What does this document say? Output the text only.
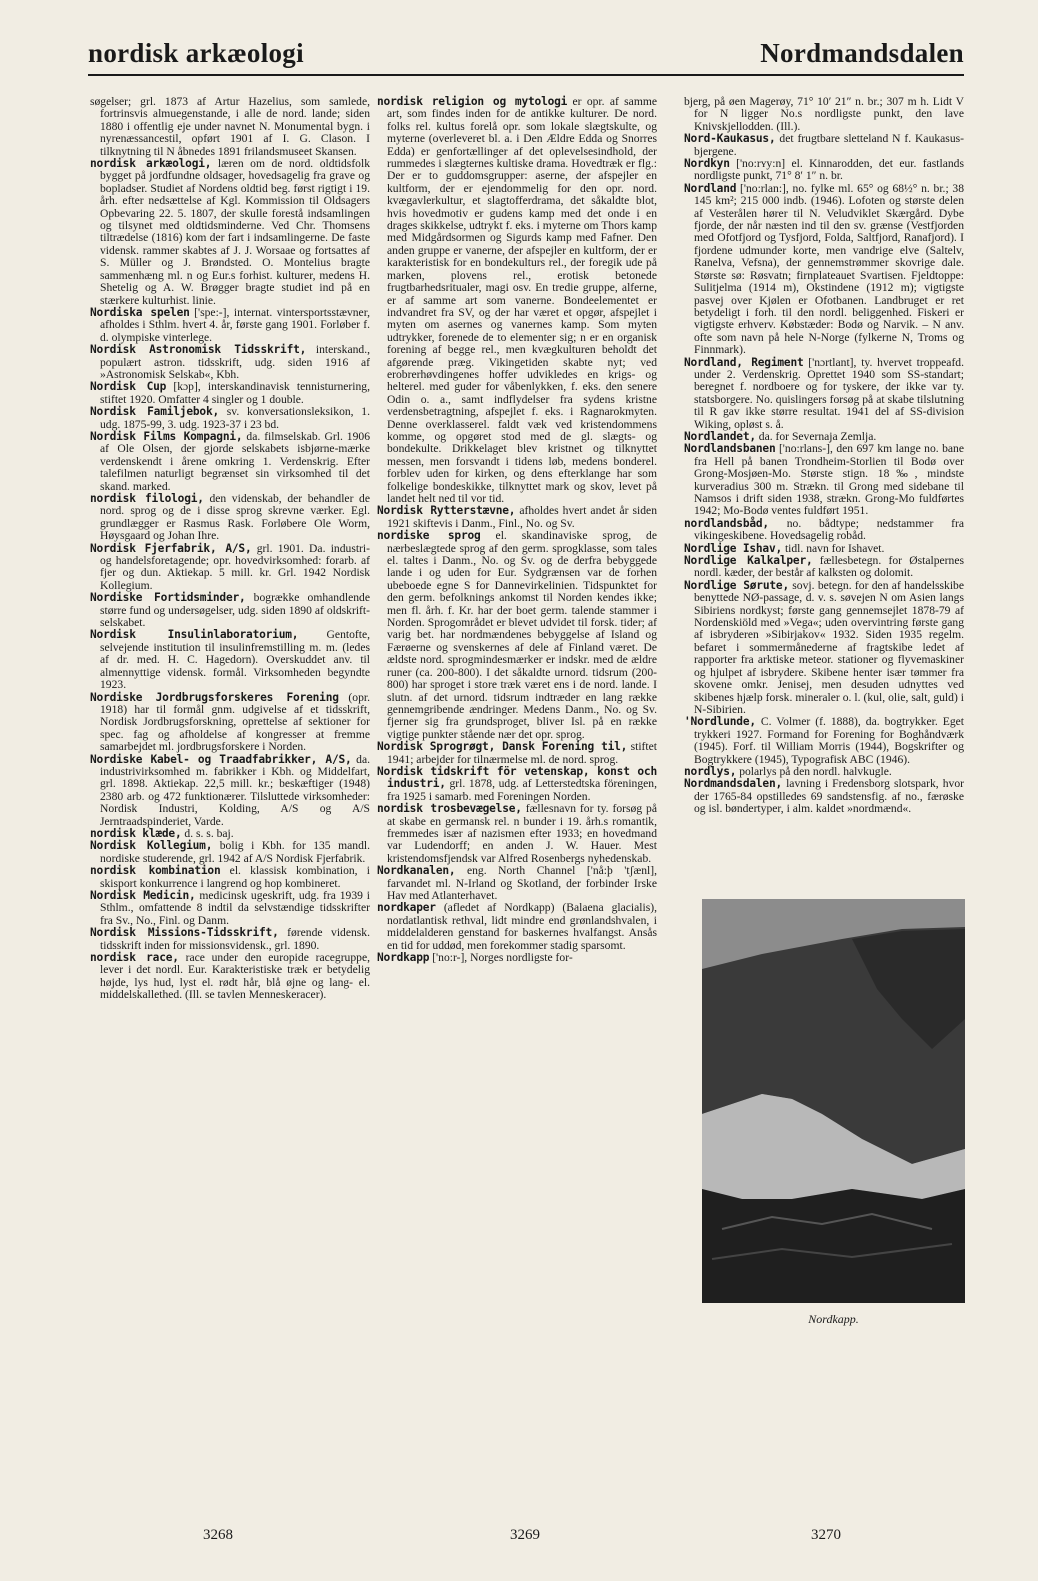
nordisk arkæologi	Nordmandsdalen

søgelser; grl. 1873 af Artur Hazelius, som samlede, fortrinsvis almuegenstande, i alle de nord. lande; siden 1880 i offentlig eje under navnet N. Monumental bygn. i nyrenæssancestil, opført 1901 af I. G. Clason. I tilknytning til N åbnedes 1891 frilandsmuseet Skansen.

nordisk arkæologi, læren om de nord. oldtidsfolk bygget på jordfundne oldsager, hovedsagelig fra grave og bopladser. Studiet af Nordens oldtid beg. først rigtigt i 19. årh. efter nedsættelse af Kgl. Kommission til Oldsagers Opbevaring 22. 5. 1807, der skulle forestå indsamlingen og tilsynet med oldtidsminderne. Ved Chr. Thomsens tiltrædelse (1816) kom der fart i indsamlingerne. De faste vidensk. rammer skabtes af J. J. Worsaae og fortsattes af S. Müller og J. Brøndsted. O. Montelius bragte sammenhæng ml. n og Eur.s forhist. kulturer, medens H. Shetelig og A. W. Brøgger bragte studiet ind på en stærkere kulturhist. linie.

Nordiska spelen ['spe:-], internat. vintersportsstævner, afholdes i Sthlm. hvert 4. år, første gang 1901. Forløber f. d. olympiske vinterlege.

Nordisk Astronomisk Tidsskrift, interskand., populært astron. tidsskrift, udg. siden 1916 af »Astronomisk Selskab«, Kbh.

Nordisk Cup [kɔp], interskandinavisk tennisturnering, stiftet 1920. Omfatter 4 singler og 1 double.

Nordisk Familjebok, sv. konversationsleksikon, 1. udg. 1875-99, 3. udg. 1923-37 i 23 bd.

Nordisk Films Kompagni, da. filmselskab. Grl. 1906 af Ole Olsen, der gjorde selskabets isbjørne-mærke verdenskendt i årene omkring 1. Verdenskrig. Efter talefilmen naturligt begrænset sin virksomhed til det skand. marked.

nordisk filologi, den videnskab, der behandler de nord. sprog og de i disse sprog skrevne værker. Egl. grundlægger er Rasmus Rask. Forløbere Ole Worm, Høysgaard og Johan Ihre.

Nordisk Fjerfabrik, A/S, grl. 1901. Da. industri- og handelsforetagende; opr. hovedvirksomhed: forarb. af fjer og dun. Aktiekap. 5 mill. kr. Grl. 1942 Nordisk Kollegium.

Nordiske Fortidsminder, bogrække omhandlende større fund og undersøgelser, udg. siden 1890 af oldskrift-selskabet.

Nordisk Insulinlaboratorium, Gentofte, selvejende institution til insulinfremstilling m. m. (ledes af dr. med. H. C. Hagedorn). Overskuddet anv. til almennyttige vidensk. formål. Virksomheden begyndte 1923.

Nordiske Jordbrugsforskeres Forening (opr. 1918) har til formål gnm. udgivelse af et tidsskrift, Nordisk Jordbrugsforskning, oprettelse af sektioner for spec. fag og afholdelse af kongresser at fremme samarbejdet ml. jordbrugsforskere i Norden.

Nordiske Kabel- og Traadfabrikker, A/S, da. industrivirksomhed m. fabrikker i Kbh. og Middelfart, grl. 1898. Aktiekap. 22,5 mill. kr.; beskæftiger (1948) 2380 arb. og 472 funktionærer. Tilsluttede virksomheder: Nordisk Industri, Kolding, A/S og A/S Jerntraadspinderiet, Varde.

nordisk klæde, d. s. s. baj.

Nordisk Kollegium, bolig i Kbh. for 135 mandl. nordiske studerende, grl. 1942 af A/S Nordisk Fjerfabrik.

nordisk kombination el. klassisk kombination, i skisport konkurrence i langrend og hop kombineret.

Nordisk Medicin, medicinsk ugeskrift, udg. fra 1939 i Sthlm., omfattende 8 indtil da selvstændige tidsskrifter fra Sv., No., Finl. og Danm.

Nordisk Missions-Tidsskrift, førende vidensk. tidsskrift inden for missionsvidensk., grl. 1890.

nordisk race, race under den europide racegruppe, lever i det nordl. Eur. Karakteristiske træk er betydelig højde, lys hud, lyst el. rødt hår, blå øjne og lang- el. middelskallethed. (Ill. se tavlen Menneskeracer).

nordisk religion og mytologi er opr. af samme art, som findes inden for de antikke kulturer. De nord. folks rel. kultus forelå opr. som lokale slægtskulte, og myterne (overleveret bl. a. i Den Ældre Edda og Snorres Edda) er genfortællinger af det oplevelsesindhold, der rummedes i slægternes kultiske drama. Hovedtræk er flg.: Der er to guddomsgrupper: aserne, der afspejler en kultform, der er ejendommelig for den opr. nord. kvægavlerkultur, et slagtofferdrama, det såkaldte blot, hvis hovedmotiv er gudens kamp med det onde i en drages skikkelse, udtrykt f. eks. i myterne om Thors kamp med Midgårdsormen og Sigurds kamp med Fafner. Den anden gruppe er vanerne, der afspejler en kultform, der er karakteristisk for en bondekulturs rel., der foregik ude på marken, plovens rel., erotisk betonede frugtbarhedsritualer, magi osv. En tredie gruppe, alferne, er af samme art som vanerne. Bondeelementet er indvandret fra SV, og der har været et opgør, afspejlet i myten om asernes og vanernes kamp. Som myten udtrykker, forenede de to elementer sig; n er en organisk forening af begge rel., men kvægkulturen beholdt det afgørende præg. Vikingetiden skabte nyt; ved erobrerhøvdingenes hoffer udvikledes en krigs- og helterel. med guder for våbenlykken, f. eks. den senere Odin o. a., samt indflydelser fra sydens kristne verdensbetragtning, afspejlet f. eks. i Ragnarokmyten. Denne overklasserel. faldt væk ved kristendommens komme, og opgøret stod med de gl. slægts- og bondekulte. Drikkelaget blev kristnet og tilknyttet messen, men forsvandt i tidens løb, medens bonderel. forblev uden for kirken, og dens efterklange har som folkelige bondeskikke, tilknyttet mark og skov, levet på landet helt ned til vor tid.

Nordisk Rytterstævne, afholdes hvert andet år siden 1921 skiftevis i Danm., Finl., No. og Sv.

nordiske sprog el. skandinaviske sprog, de nærbeslægtede sprog af den germ. sprogklasse, som tales el. taltes i Danm., No. og Sv. og de derfra bebyggede lande i og uden for Eur. Sydgrænsen var de forhen ubeboede egne S for Dannevirkelinien. Tidspunktet for den germ. befolknings ankomst til Norden kendes ikke; men fl. årh. f. Kr. har der boet germ. talende stammer i Norden. Sprogområdet er blevet udvidet til forsk. tider; af varig bet. har nordmændenes bebyggelse af Island og Færøerne og svenskernes af dele af Finland været. De ældste nord. sprogmindesmærker er indskr. med de ældre runer (ca. 200-800). I det såkaldte urnord. tidsrum (200-800) har sproget i store træk været ens i de nord. lande. I slutn. af det urnord. tidsrum indtræder en lang række gennemgribende ændringer. Medens Danm., No. og Sv. fjerner sig fra grundsproget, bliver Isl. på en række vigtige punkter stående nær det opr. sprog.

Nordisk Sprogrøgt, Dansk Forening til, stiftet 1941; arbejder for tilnærmelse ml. de nord. sprog.

Nordisk tidskrift för vetenskap, konst och industri, grl. 1878, udg. af Letterstedtska föreningen, fra 1925 i samarb. med Foreningen Norden.

nordisk trosbevægelse, fællesnavn for ty. forsøg på at skabe en germansk rel. n bunder i 19. årh.s romantik, fremmedes især af nazismen efter 1933; en hovedmand var Ludendorff; en anden J. W. Hauer. Mest kristendomsfjendsk var Alfred Rosenbergs nyhedenskab.

Nordkanalen, eng. North Channel ['nå:þ 'tʃænl], farvandet ml. N-Irland og Skotland, der forbinder Irske Hav med Atlanterhavet.

nordkaper (afledet af Nordkapp) (Balaena glacialis), nordatlantisk rethval, lidt mindre end grønlandshvalen, i middelalderen genstand for baskernes hvalfangst. Ansås en tid for uddød, men forekommer stadig sparsomt.

Nordkapp ['no:r-], Norges nordligste for-

bjerg, på øen Magerøy, 71° 10′ 21″ n. br.; 307 m h. Lidt V for N ligger No.s nordligste punkt, den lave Knivskjellodden. (Ill.).

Nord-Kaukasus, det frugtbare sletteland N f. Kaukasus-bjergene.

Nordkyn ['no:rʏy:n] el. Kinnarodden, det eur. fastlands nordligste punkt, 71° 8′ 1″ n. br.

Nordland ['no:rlan:], no. fylke ml. 65° og 68½° n. br.; 38 145 km²; 215 000 indb. (1946). Lofoten og største delen af Vesterålen hører til N. Veludviklet Skærgård. Dybe fjorde, der når næsten ind til den sv. grænse (Vestfjorden med Ofotfjord og Tysfjord, Folda, Saltfjord, Ranafjord). I fjordene udmunder korte, men vandrige elve (Saltelv, Ranelva, Vefsna), der gennemstrømmer skovrige dale. Største sø: Røsvatn; firnplateauet Svartisen. Fjeldtoppe: Sulitjelma (1914 m), Okstindene (1912 m); vigtigste pasvej over Kjølen er Ofotbanen. Landbruget er ret betydeligt i forh. til den nordl. beliggenhed. Fiskeri er vigtigste erhverv. Købstæder: Bodø og Narvik. – N anv. ofte som navn på hele N-Norge (fylkerne N, Troms og Finnmark).

Nordland, Regiment ['nɔrtlant], ty. hvervet troppeafd. under 2. Verdenskrig. Oprettet 1940 som SS-standart; beregnet f. nordboere og for tyskere, der ikke var ty. statsborgere. No. quislingers forsøg på at skabe tilslutning til R gav ikke større resultat. 1941 del af SS-division Wiking, opløst s. å.

Nordlandet, da. for Severnaja Zemlja.

Nordlandsbanen ['no:rlans-], den 697 km lange no. bane fra Hell på banen Trondheim-Storlien til Bodø over Grong-Mosjøen-Mo. Største stign. 18‰, mindste kurveradius 300 m. Strækn. til Grong med sidebane til Namsos i drift siden 1938, strækn. Grong-Mo fuldførtes 1942; Mo-Bodø ventes fuldført 1951.

nordlandsbåd, no. bådtype; nedstammer fra vikingeskibene. Hovedsagelig robåd.

Nordlige Ishav, tidl. navn for Ishavet.

Nordlige Kalkalper, fællesbetegn. for Østalpernes nordl. kæder, der består af kalksten og dolomit.

Nordlige Sørute, sovj. betegn. for den af handelsskibe benyttede NØ-passage, d. v. s. søvejen N om Asien langs Sibiriens nordkyst; første gang gennemsejlet 1878-79 af Nordenskiöld med »Vega«; uden overvintring første gang af isbryderen »Sibirjakov« 1932. Siden 1935 regelm. befaret i sommermånederne af fragtskibe ledet af rapporter fra arktiske meteor. stationer og flyvemaskiner og hjulpet af isbrydere. Skibene henter især tømmer fra skovene omkr. Jenisej, men desuden udnyttes ved skibenes hjælp forsk. mineraler o. l. (kul, olie, salt, guld) i N-Sibirien.

'Nordlunde, C. Volmer (f. 1888), da. bogtrykker. Eget trykkeri 1927. Formand for Forening for Boghåndværk (1945). Forf. til William Morris (1944), Bogskrifter og Bogtrykkere (1945), Typografisk ABC (1946).

nordlys, polarlys på den nordl. halvkugle.

Nordmandsdalen, lavning i Fredensborg slotspark, hvor der 1765-84 opstilledes 69 sandstensfig. af no., færøske og isl. bøndertyper, i alm. kaldet »nordmænd«.

Nordkapp.
3268	3269	3270
